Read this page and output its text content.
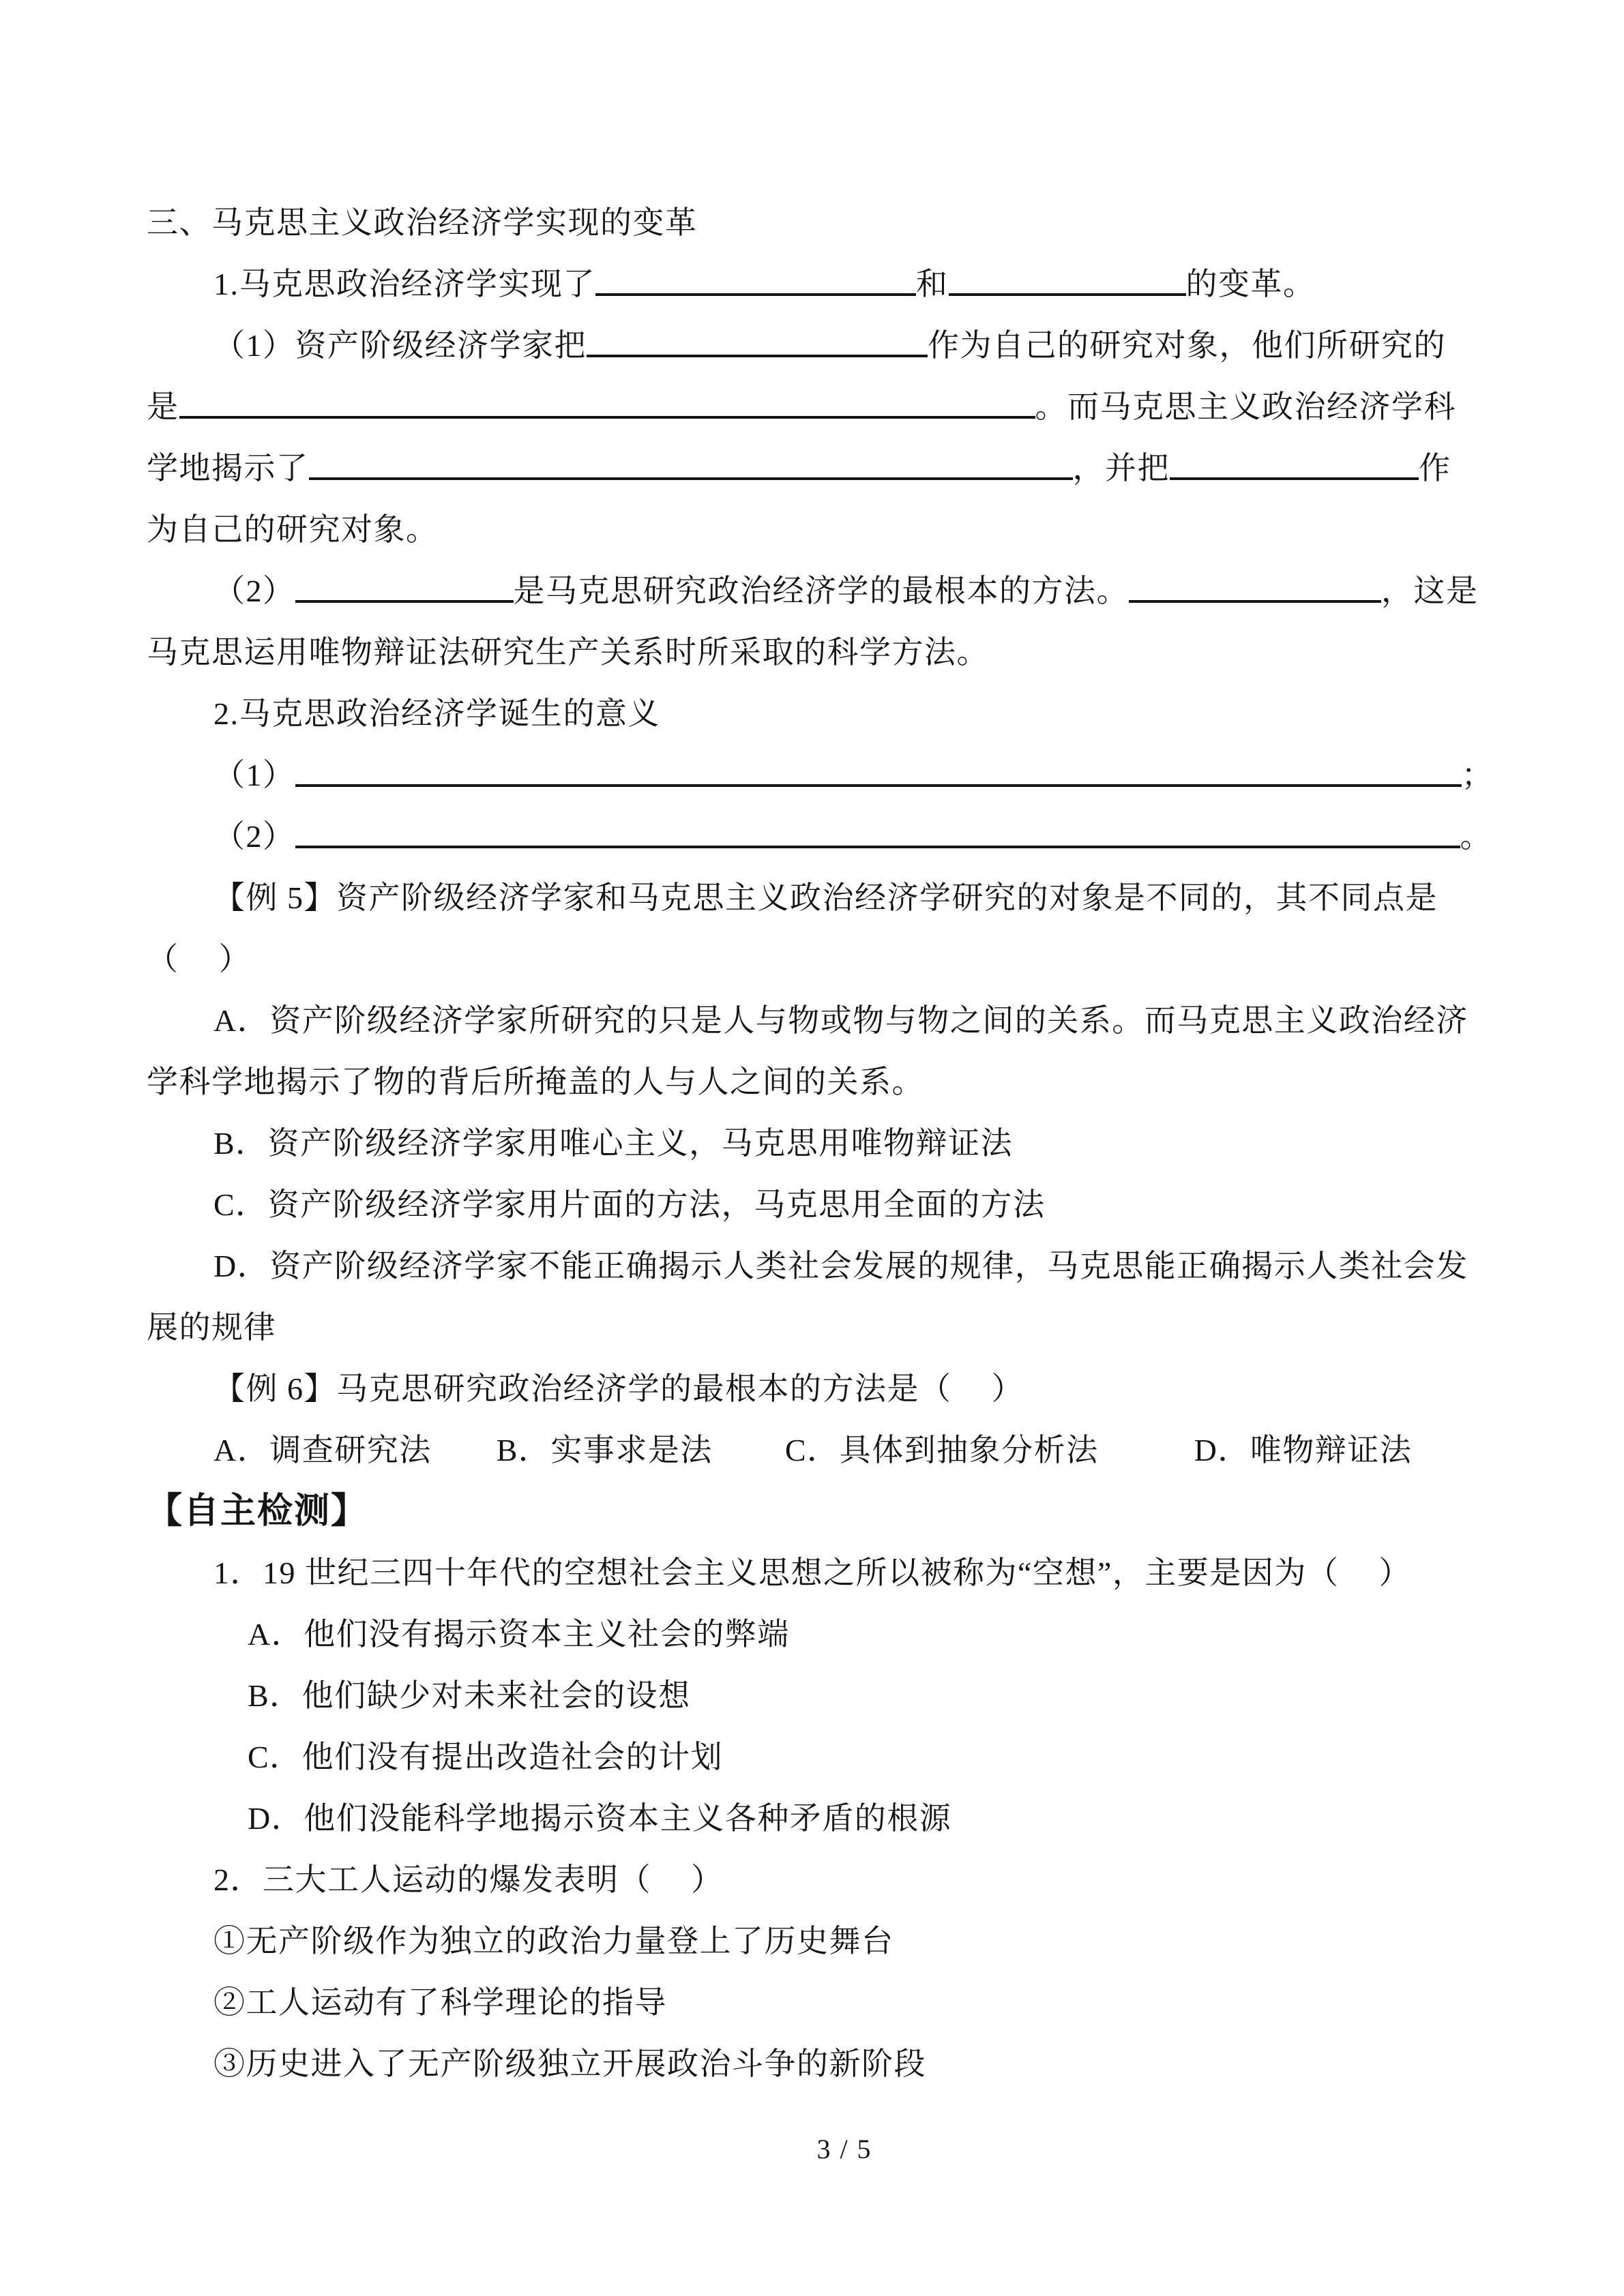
三、马克思主义政治经济学实现的变革
1.马克思政治经济学实现了	和	的变革。
（1）资产阶级经济学家把	作为自己的研究对象，他们所研究的
是	。而马克思主义政治经济学科
学地揭示了	，并把	作
为自己的研究对象。
（2）	是马克思研究政治经济学的最根本的方法。	，这是
马克思运用唯物辩证法研究生产关系时所采取的科学方法。
2.马克思政治经济学诞生的意义
（1）	；
（2）	。
【例 5】资产阶级经济学家和马克思主义政治经济学研究的对象是不同的，其不同点是
（ ）
A．资产阶级经济学家所研究的只是人与物或物与物之间的关系。而马克思主义政治经济
学科学地揭示了物的背后所掩盖的人与人之间的关系。
B．资产阶级经济学家用唯心主义，马克思用唯物辩证法
C．资产阶级经济学家用片面的方法，马克思用全面的方法
D．资产阶级经济学家不能正确揭示人类社会发展的规律，马克思能正确揭示人类社会发
展的规律
【例 6】马克思研究政治经济学的最根本的方法是（ ）
A．调查研究法 B．实事求是法 C．具体到抽象分析法	D．唯物辩证法
【自主检测】
1．19 世纪三四十年代的空想社会主义思想之所以被称为“空想”，主要是因为（ ）
A．他们没有揭示资本主义社会的弊端
B．他们缺少对未来社会的设想
C．他们没有提出改造社会的计划
D．他们没能科学地揭示资本主义各种矛盾的根源
2．三大工人运动的爆发表明（ ）
①无产阶级作为独立的政治力量登上了历史舞台
②工人运动有了科学理论的指导
③历史进入了无产阶级独立开展政治斗争的新阶段
3 / 5
